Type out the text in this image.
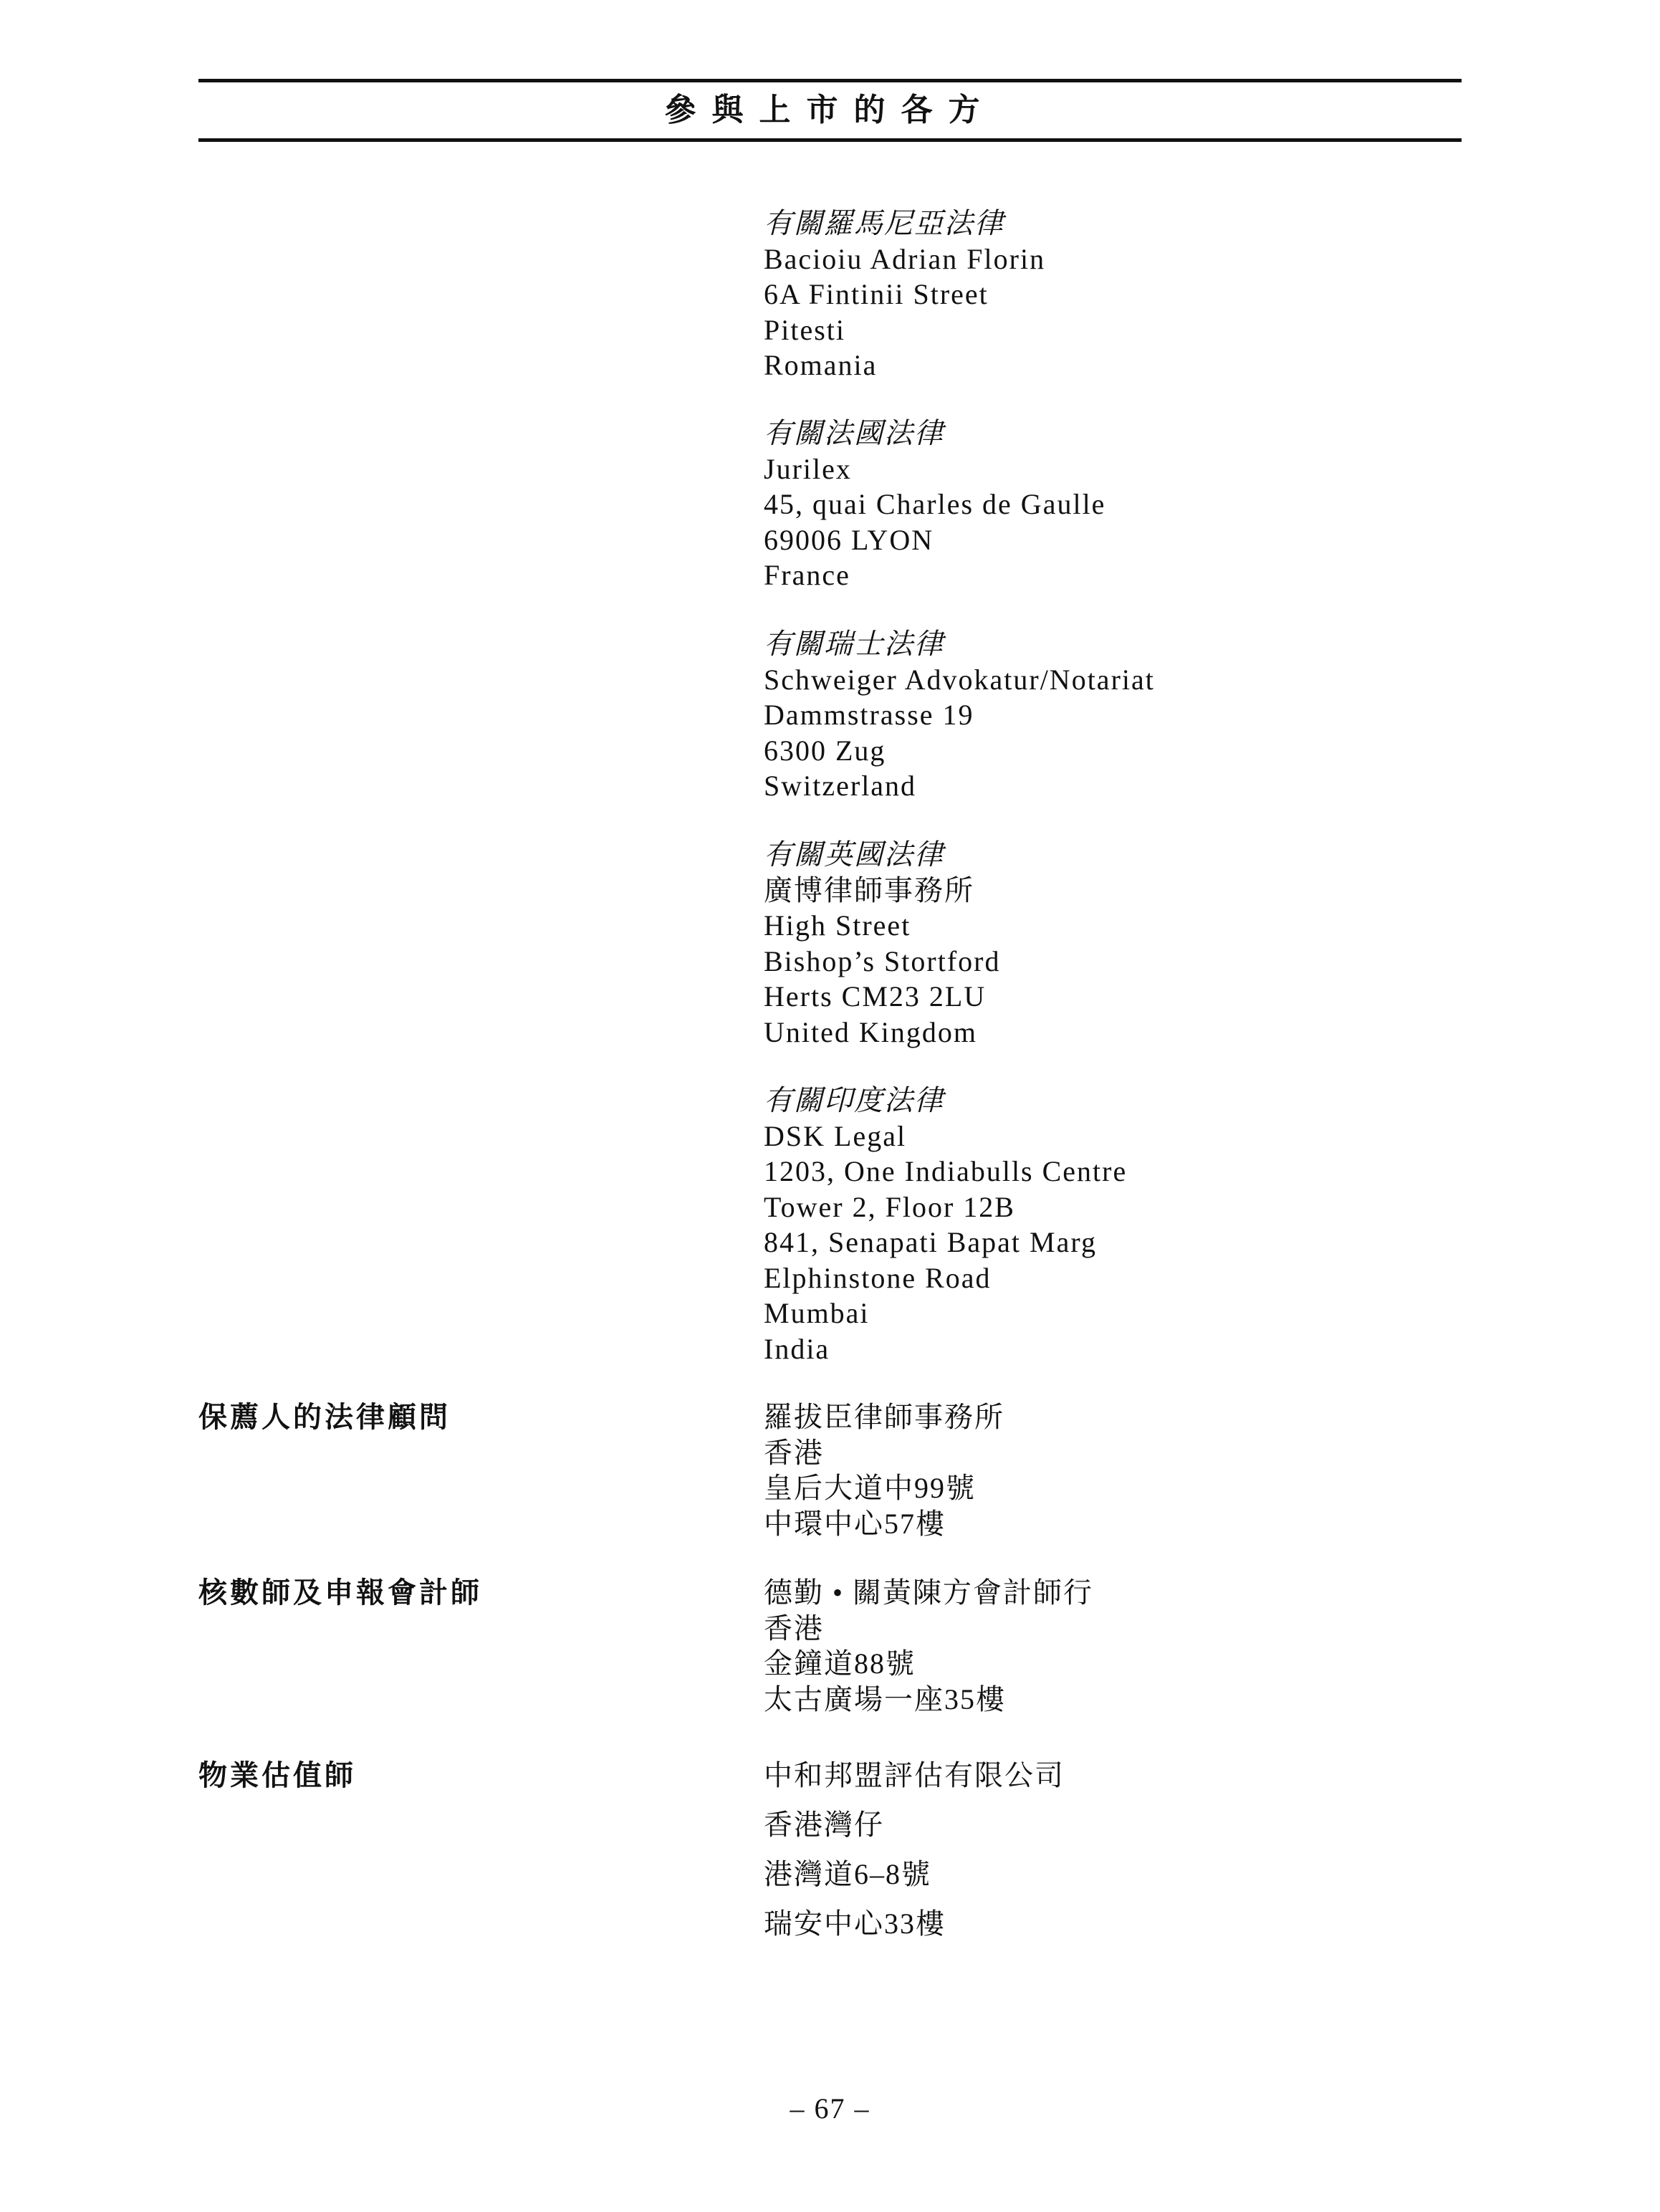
參與上市的各方
有關羅馬尼亞法律
Bacioiu Adrian Florin
6A Fintinii Street
Pitesti
Romania
有關法國法律
Jurilex
45, quai Charles de Gaulle
69006 LYON
France
有關瑞士法律
Schweiger Advokatur/Notariat
Dammstrasse 19
6300 Zug
Switzerland
有關英國法律
廣博律師事務所
High Street
Bishop’s Stortford
Herts CM23 2LU
United Kingdom
有關印度法律
DSK Legal
1203, One Indiabulls Centre
Tower 2, Floor 12B
841, Senapati Bapat Marg
Elphinstone Road
Mumbai
India
保薦人的法律顧問	羅拔臣律師事務所
香港
皇后大道中99號
中環中心57樓
核數師及申報會計師	德勤 • 關黃陳方會計師行
香港
金鐘道88號
太古廣場一座35樓
物業估值師	中和邦盟評估有限公司
香港灣仔
港灣道6–8號
瑞安中心33樓
– 67 –
